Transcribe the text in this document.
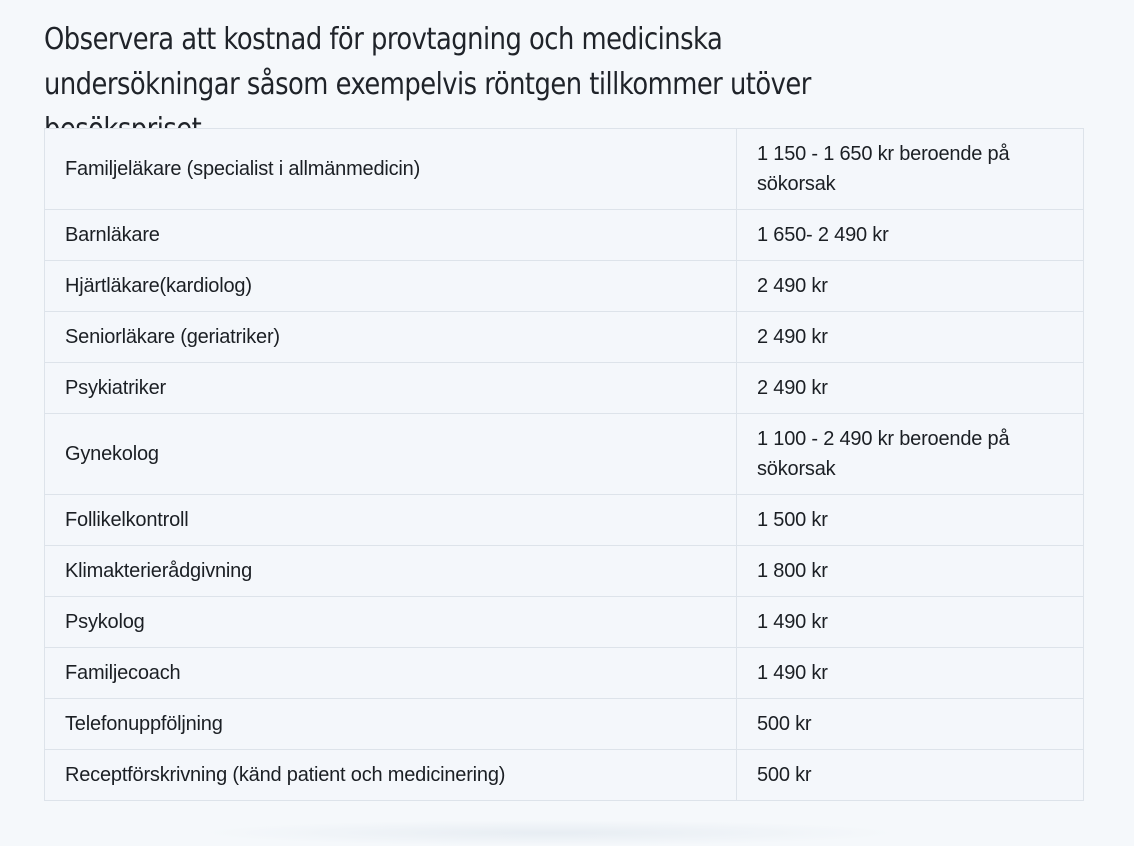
Observera att kostnad för provtagning och medicinska undersökningar såsom exempelvis röntgen tillkommer utöver

Familjeläkare (specialist i allmänmedicin)	1 150 - 1 650 kr beroende på sökorsak
Barnläkare	1 650- 2 490 kr
Hjärtläkare(kardiolog)	2 490 kr
Seniorläkare (geriatriker)	2 490 kr
Psykiatriker	2 490 kr
Gynekolog	1 100 - 2 490 kr beroende på sökorsak
Follikelkontroll	1 500 kr
Klimakterierådgivning	1 800 kr
Psykolog	1 490 kr
Familjecoach	1 490 kr
Telefonuppföljning	500 kr
Receptförskrivning (känd patient och medicinering)	500 kr
